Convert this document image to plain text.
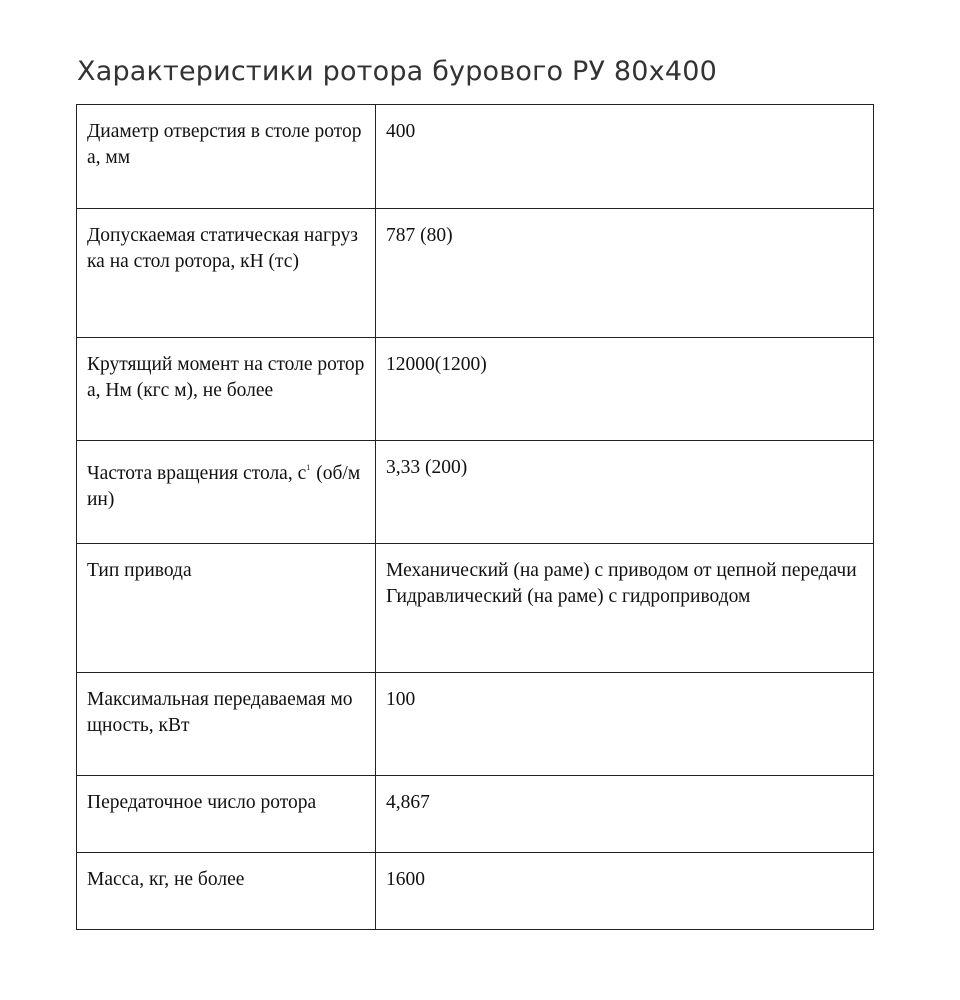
Характеристики ротора бурового РУ 80х400
Диаметр отверстия в столе ротора, мм	400
Допускаемая статическая нагрузка на стол ротора, кН (тс)	787 (80)
Крутящий момент на столе ротора, Нм (кгс м), не более	12000(1200)
Частота вращения стола, $с^1$ (об/мин)	3,33 (200)
Тип привода	Механический (на раме) с приводом от цепной передачи Гидравлический (на раме) с гидроприводом
Максимальная передаваемая мощность, кВт	100
Передаточное число ротора	4,867
Масса, кг, не более	1600
